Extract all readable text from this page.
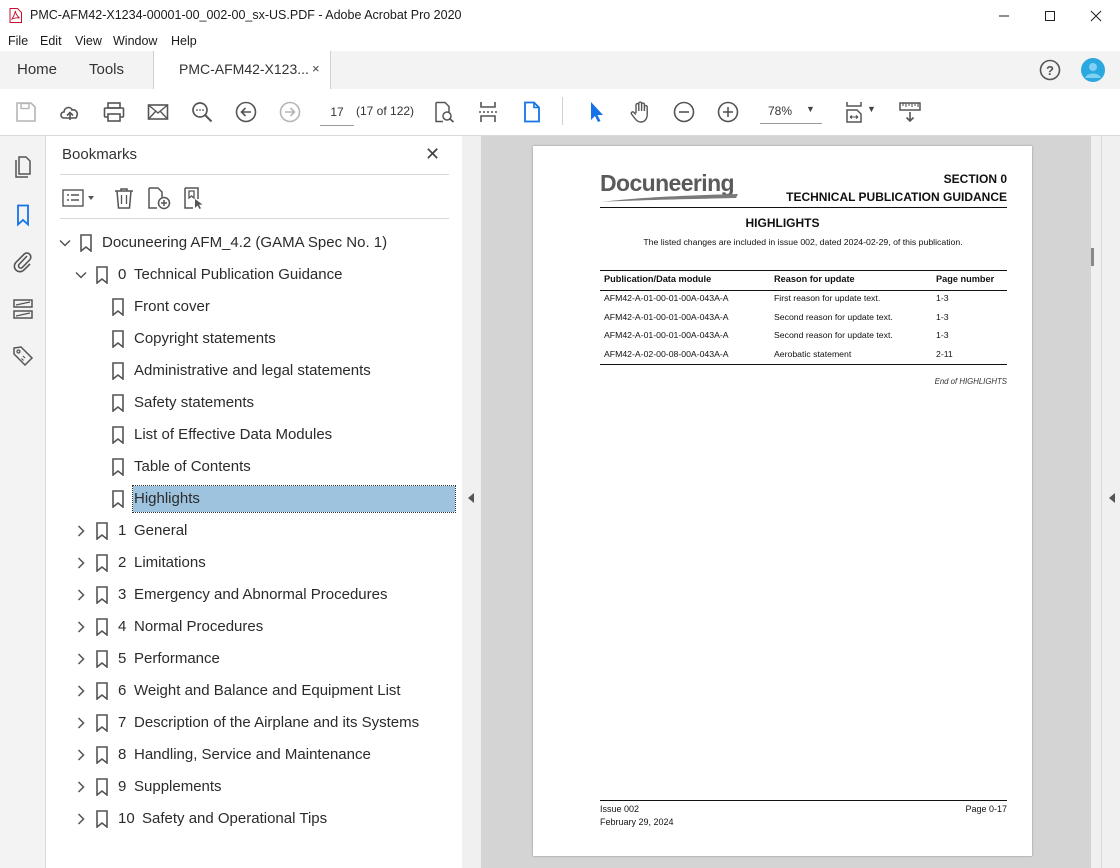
PMC-AFM42-X1234-00001-00_002-00_sx-US.PDF - Adobe Acrobat Pro 2020
File Edit View Window Help
Home Tools	PMC-AFM42-X123... ×	?
17
(17 of 122)	78% ▼	▼
Bookmarks	✕
Docuneering AFM_4.2 (GAMA Spec No. 1)
0 Technical Publication Guidance
Front cover
Copyright statements
Administrative and legal statements
Safety statements
List of Effective Data Modules
Table of Contents
Highlights
1 General
2 Limitations
3 Emergency and Abnormal Procedures
4 Normal Procedures
5 Performance
6 Weight and Balance and Equipment List
7 Description of the Airplane and its Systems
8 Handling, Service and Maintenance
9 Supplements
10 Safety and Operational Tips
Docuneering	SECTION 0
TECHNICAL PUBLICATION GUIDANCE
HIGHLIGHTS
The listed changes are included in issue 002, dated 2024-02-29, of this publication.
Publication/Data module	Reason for update	Page number
AFM42-A-01-00-01-00A-043A-A	First reason for update text.	1-3
AFM42-A-01-00-01-00A-043A-A	Second reason for update text.	1-3
AFM42-A-01-00-01-00A-043A-A	Second reason for update text.	1-3
AFM42-A-02-00-08-00A-043A-A	Aerobatic statement	2-11
End of HIGHLIGHTS
Issue 002
February 29, 2024
Page 0-17
